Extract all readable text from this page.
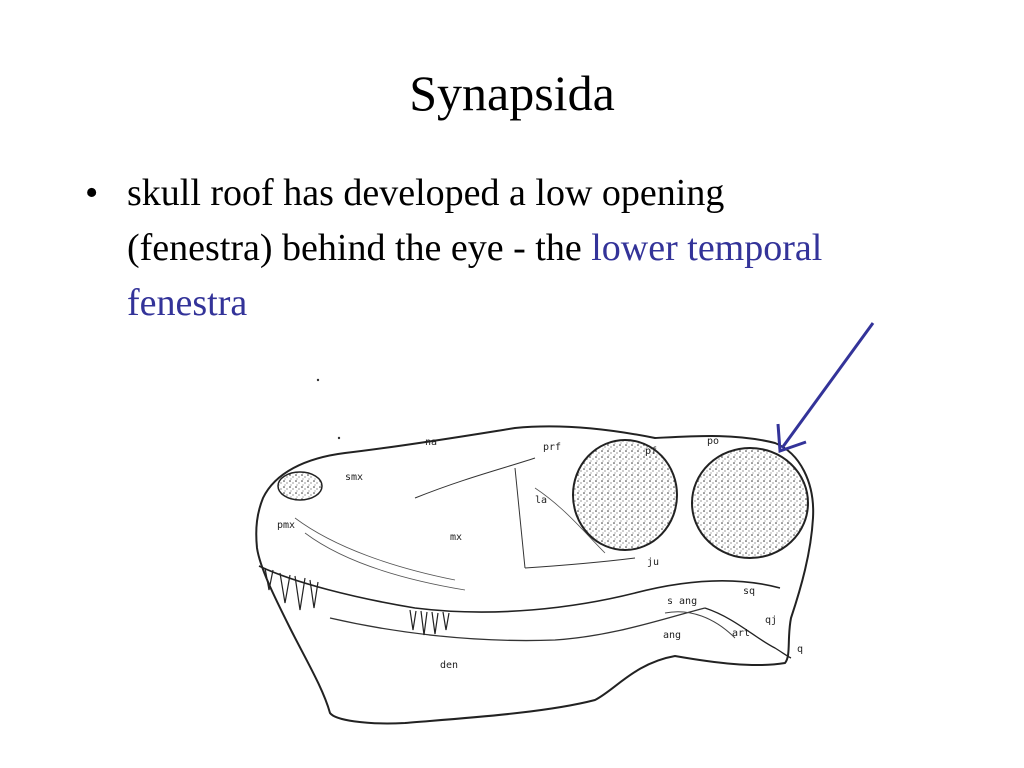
Synapsida
• skull roof has developed a low opening (fenestra) behind the eye - the lower temporal fenestra
na
smx
pmx
mx
prf
la
pf
po
ju
sq
s ang
ang	art
qj
q
den
